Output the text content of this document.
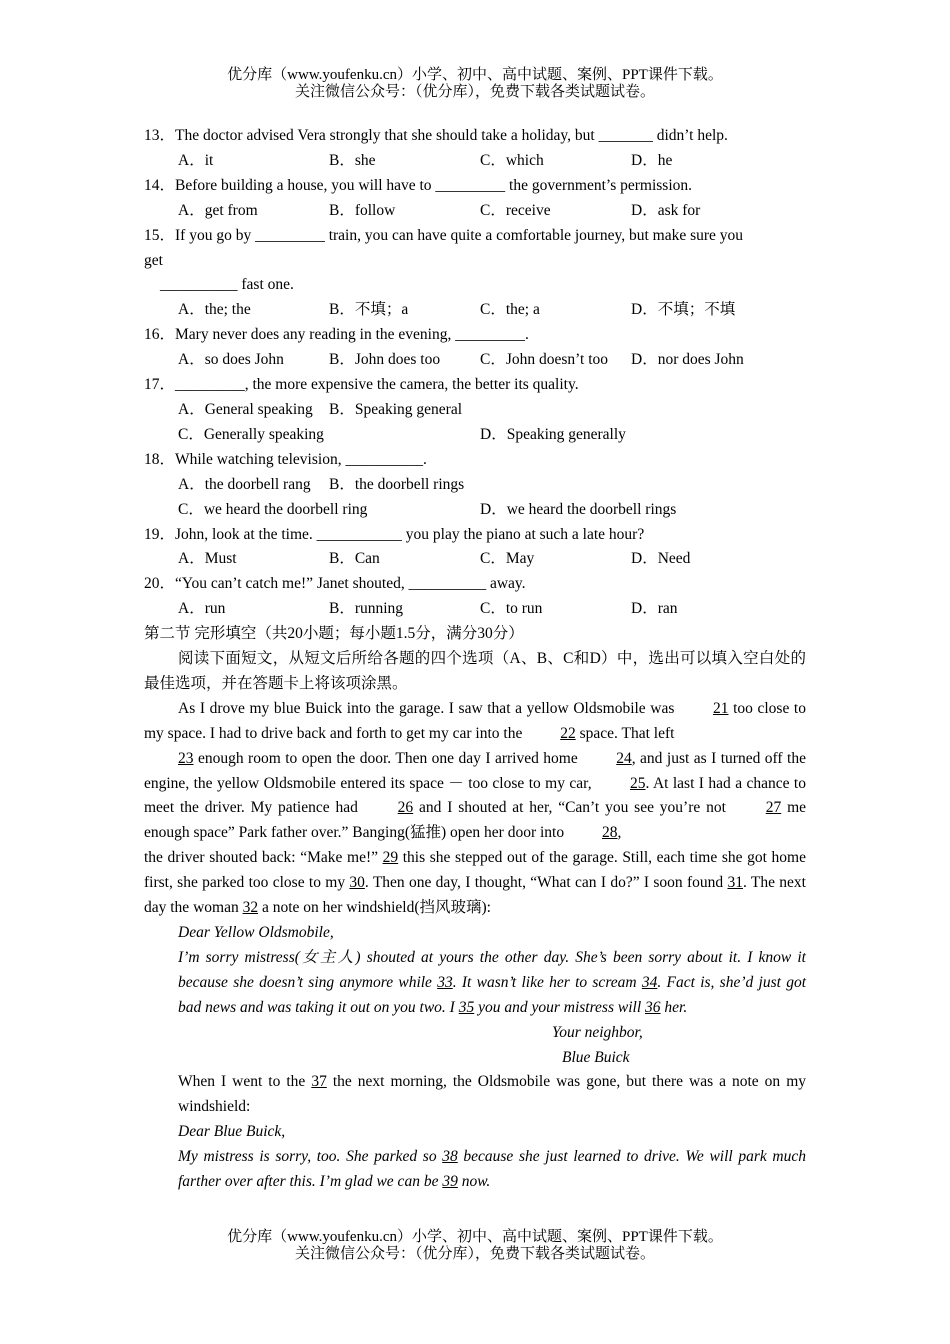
优分库（www.youfenku.cn）小学、初中、高中试题、案例、PPT课件下载。
关注微信公众号：（优分库），免费下载各类试题试卷。
13．The doctor advised Vera strongly that she should take a holiday, but _______ didn’t help.
A．it	B．she	C．which	D．he
14．Before building a house, you will have to _________ the government’s permission.
A．get from	B．follow	C．receive	D．ask for
15．If you go by _________ train, you can have quite a comfortable journey, but make sure you
get
__________ fast one.
A．the; the	B．不填；a	C．the; a	D．不填；不填
16．Mary never does any reading in the evening, _________.
A．so does John	B．John does too	C．John doesn’t too	D．nor does John
17．_________, the more expensive the camera, the better its quality.
A．General speaking	B．Speaking general
C．Generally speaking	D．Speaking generally
18．While watching television, __________.
A．the doorbell rang	B．the doorbell rings
C．we heard the doorbell ring	D．we heard the doorbell rings
19．John, look at the time. ___________ you play the piano at such a late hour?
A．Must	B．Can	C．May	D．Need
20．“You can’t catch me!” Janet shouted, __________ away.
A．run	B．running	C．to run	D．ran
第二节 完形填空（共20小题；每小题1.5分，满分30分）
阅读下面短文，从短文后所给各题的四个选项（A、B、C和D）中，选出可以填入空白处的最佳选项，并在答题卡上将该项涂黑。
As I drove my blue Buick into the garage. I saw that a yellow Oldsmobile was 21 too close to my space. I had to drive back and forth to get my car into the 22 space. That left
23 enough room to open the door. Then one day I arrived home 24, and just as I turned off the engine, the yellow Oldsmobile entered its space － too close to my car, 25. At last I had a chance to meet the driver. My patience had 26 and I shouted at her, “Can’t you see you’re not 27 me enough space” Park father over.” Banging(猛推) open her door into 28,
the driver shouted back: “Make me!” 29 this she stepped out of the garage. Still, each time she got home first, she parked too close to my 30. Then one day, I thought, “What can I do?” I soon found 31. The next day the woman 32 a note on her windshield(挡风玻璃):
Dear Yellow Oldsmobile,
I’m sorry mistress(女主人) shouted at yours the other day. She’s been sorry about it. I know it because she doesn’t sing anymore while 33. It wasn’t like her to scream 34. Fact is, she’d just got bad news and was taking it out on you two. I 35 you and your mistress will 36 her.
Your neighbor,
Blue Buick
When I went to the 37 the next morning, the Oldsmobile was gone, but there was a note on my windshield:
Dear Blue Buick,
My mistress is sorry, too. She parked so 38 because she just learned to drive. We will park much farther over after this. I’m glad we can be 39 now.
优分库（www.youfenku.cn）小学、初中、高中试题、案例、PPT课件下载。
关注微信公众号：（优分库），免费下载各类试题试卷。
